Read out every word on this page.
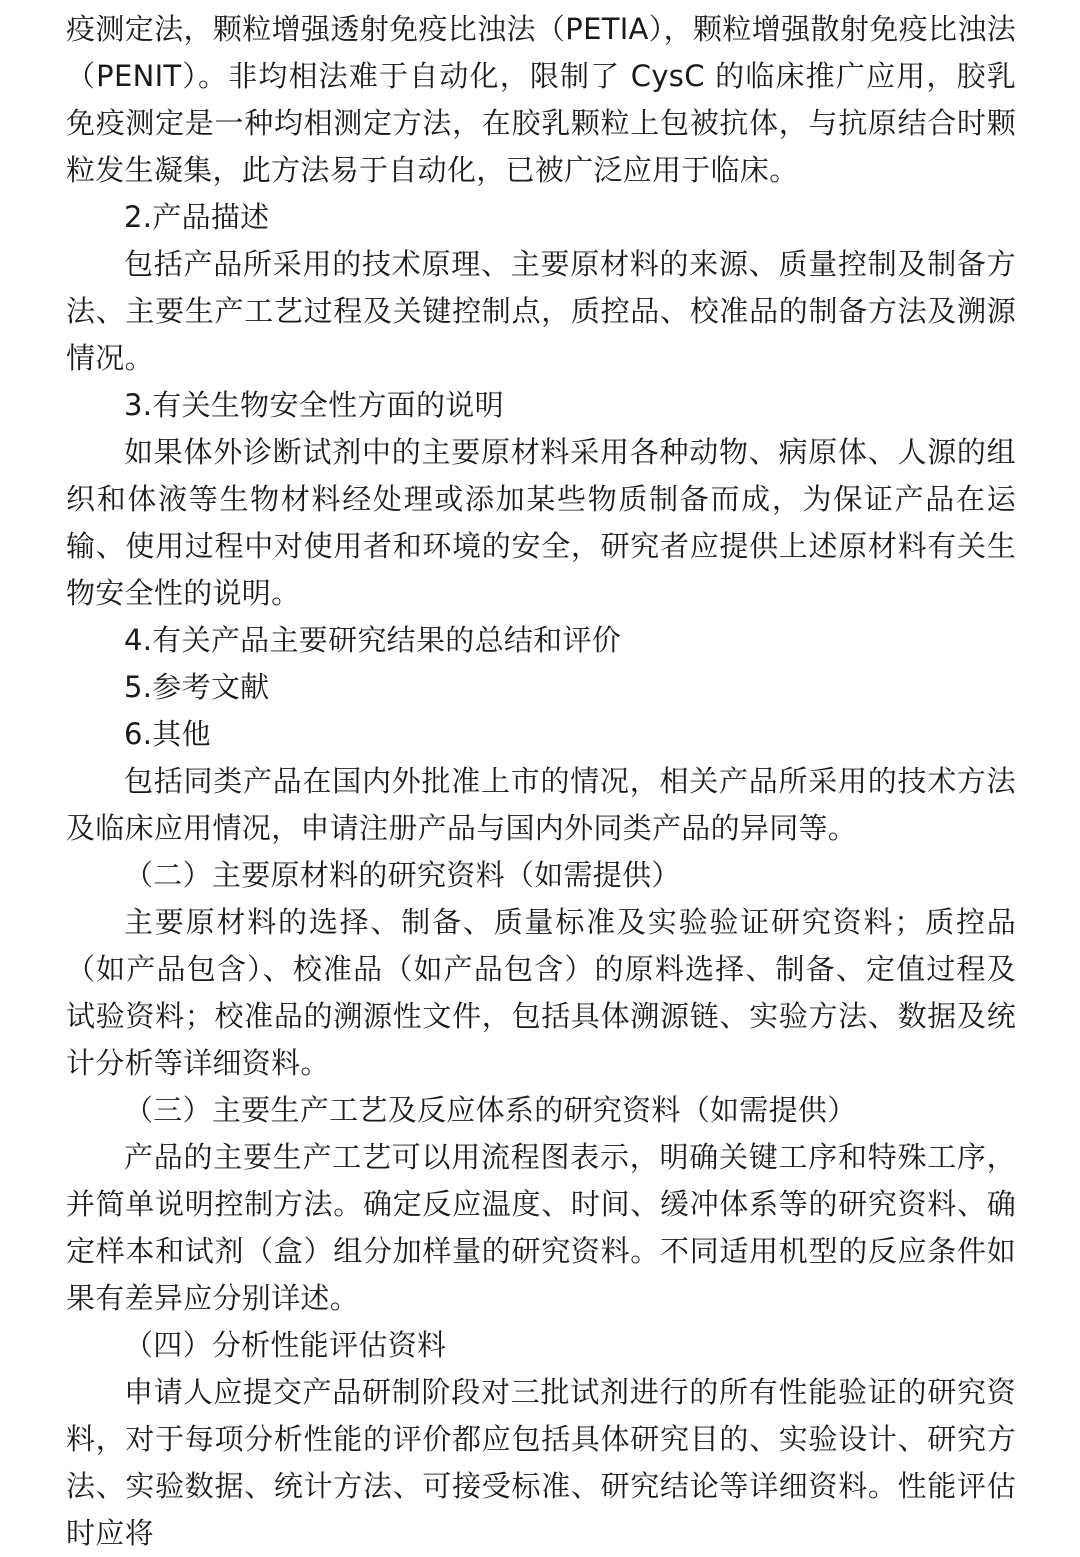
疫测定法，颗粒增强透射免疫比浊法（PETIA），颗粒增强散射免疫比浊法（PENIT）。非均相法难于自动化，限制了 CysC 的临床推广应用，胶乳免疫测定是一种均相测定方法，在胶乳颗粒上包被抗体，与抗原结合时颗粒发生凝集，此方法易于自动化，已被广泛应用于临床。

2.产品描述

包括产品所采用的技术原理、主要原材料的来源、质量控制及制备方法、主要生产工艺过程及关键控制点，质控品、校准品的制备方法及溯源情况。

3.有关生物安全性方面的说明

如果体外诊断试剂中的主要原材料采用各种动物、病原体、人源的组织和体液等生物材料经处理或添加某些物质制备而成，为保证产品在运输、使用过程中对使用者和环境的安全，研究者应提供上述原材料有关生物安全性的说明。

4.有关产品主要研究结果的总结和评价

5.参考文献

6.其他

包括同类产品在国内外批准上市的情况，相关产品所采用的技术方法及临床应用情况，申请注册产品与国内外同类产品的异同等。

（二）主要原材料的研究资料（如需提供）

主要原材料的选择、制备、质量标准及实验验证研究资料；质控品（如产品包含）、校准品（如产品包含）的原料选择、制备、定值过程及试验资料；校准品的溯源性文件，包括具体溯源链、实验方法、数据及统计分析等详细资料。

（三）主要生产工艺及反应体系的研究资料（如需提供）

产品的主要生产工艺可以用流程图表示，明确关键工序和特殊工序，并简单说明控制方法。确定反应温度、时间、缓冲体系等的研究资料、确定样本和试剂（盒）组分加样量的研究资料。不同适用机型的反应条件如果有差异应分别详述。

（四）分析性能评估资料

申请人应提交产品研制阶段对三批试剂进行的所有性能验证的研究资料，对于每项分析性能的评价都应包括具体研究目的、实验设计、研究方法、实验数据、统计方法、可接受标准、研究结论等详细资料。性能评估时应将
